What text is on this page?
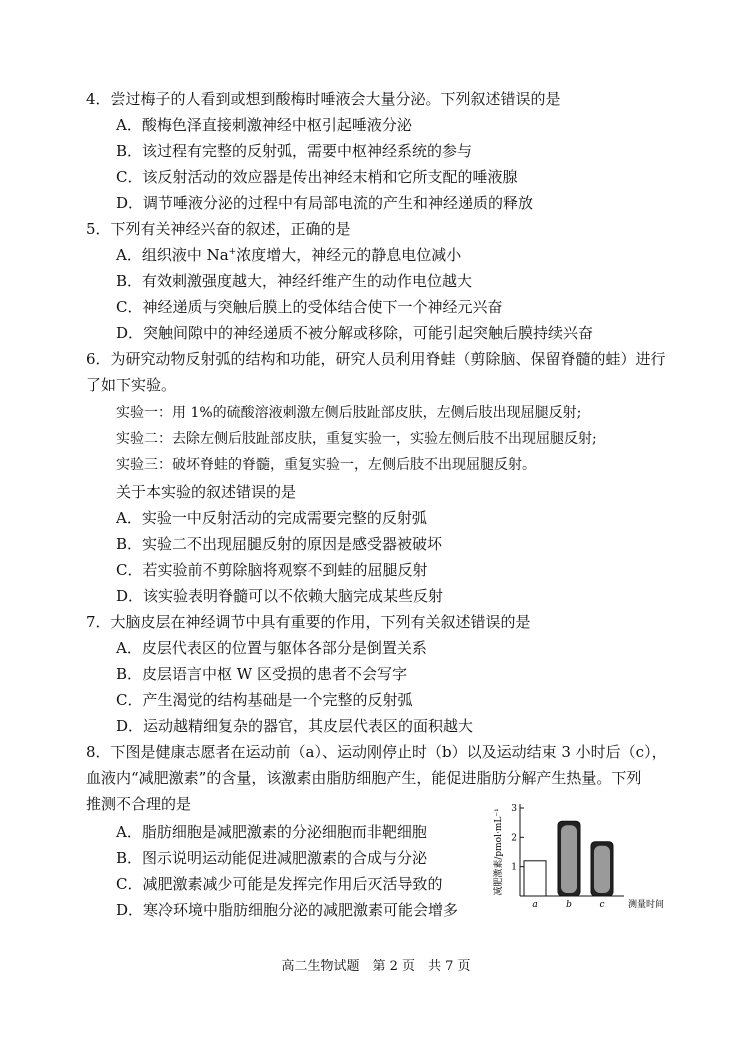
4．尝过梅子的人看到或想到酸梅时唾液会大量分泌。下列叙述错误的是
A．酸梅色泽直接刺激神经中枢引起唾液分泌
B．该过程有完整的反射弧，需要中枢神经系统的参与
C．该反射活动的效应器是传出神经末梢和它所支配的唾液腺
D．调节唾液分泌的过程中有局部电流的产生和神经递质的释放
5．下列有关神经兴奋的叙述，正确的是
A．组织液中 Na+浓度增大，神经元的静息电位减小
B．有效刺激强度越大，神经纤维产生的动作电位越大
C．神经递质与突触后膜上的受体结合使下一个神经元兴奋
D．突触间隙中的神经递质不被分解或移除，可能引起突触后膜持续兴奋
6．为研究动物反射弧的结构和功能，研究人员利用脊蛙（剪除脑、保留脊髓的蛙）进行
了如下实验。
实验一：用 1%的硫酸溶液刺激左侧后肢趾部皮肤，左侧后肢出现屈腿反射;
实验二：去除左侧后肢趾部皮肤，重复实验一，实验左侧后肢不出现屈腿反射;
实验三：破坏脊蛙的脊髓，重复实验一，左侧后肢不出现屈腿反射。
关于本实验的叙述错误的是
A．实验一中反射活动的完成需要完整的反射弧
B．实验二不出现屈腿反射的原因是感受器被破坏
C．若实验前不剪除脑将观察不到蛙的屈腿反射
D．该实验表明脊髓可以不依赖大脑完成某些反射
7．大脑皮层在神经调节中具有重要的作用，下列有关叙述错误的是
A．皮层代表区的位置与躯体各部分是倒置关系
B．皮层语言中枢 W 区受损的患者不会写字
C．产生渴觉的结构基础是一个完整的反射弧
D．运动越精细复杂的器官，其皮层代表区的面积越大
8．下图是健康志愿者在运动前（a）、运动刚停止时（b）以及运动结束 3 小时后（c），
血液内“减肥激素”的含量，该激素由脂肪细胞产生，能促进脂肪分解产生热量。下列
推测不合理的是
A．脂肪细胞是减肥激素的分泌细胞而非靶细胞
B．图示说明运动能促进减肥激素的合成与分泌
C．减肥激素减少可能是发挥完作用后灭活导致的
D．寒冷环境中脂肪细胞分泌的减肥激素可能会增多
1
2
3
减肥激素/pmol·mL⁻¹
a	b	c	测量时间
高二生物试题　第 2 页　共 7 页
